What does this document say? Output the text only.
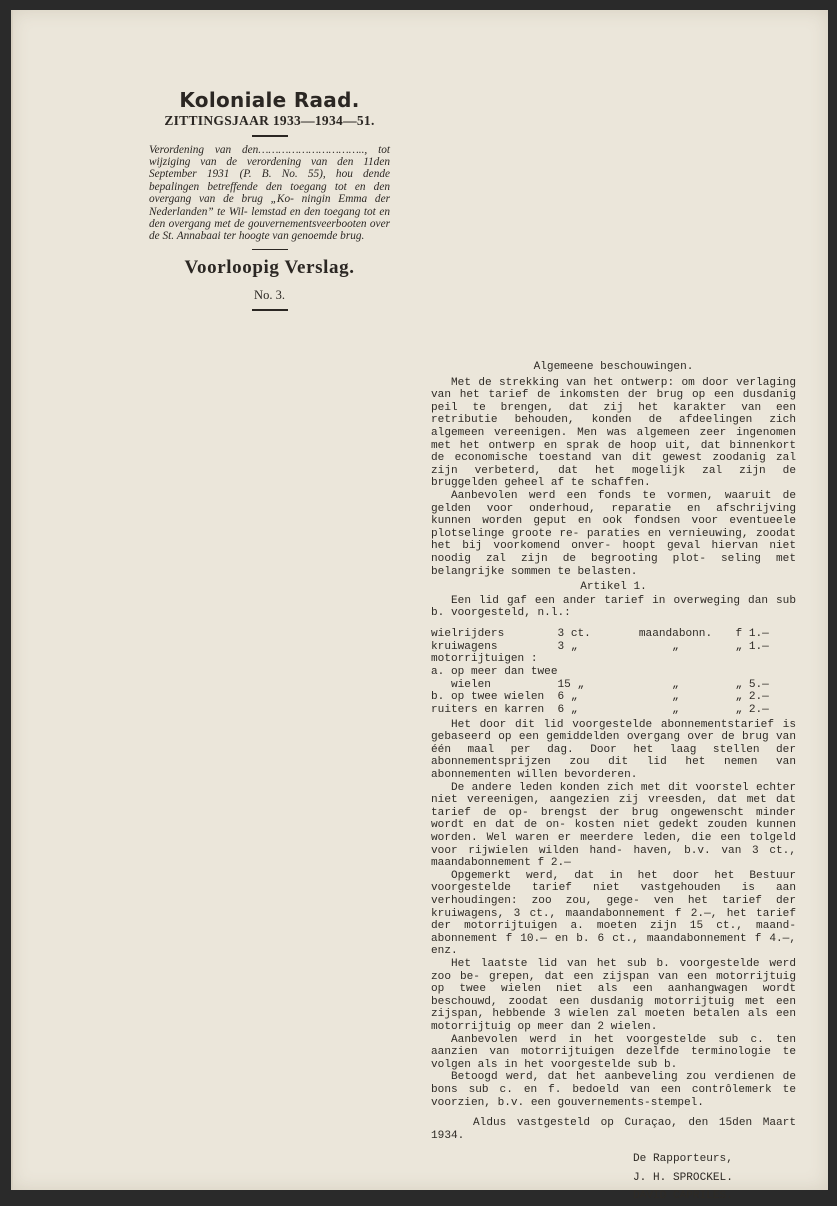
Koloniale Raad.
ZITTINGSJAAR 1933—1934—51.
Verordening van den………………………….., tot wijziging van de verordening van den 11den September 1931 (P. B. No. 55), hou dende bepalingen betreffende den toegang tot en den overgang van de brug „Ko- ningin Emma der Nederlanden” te Wil- lemstad en den toegang tot en den overgang met de gouvernementsveerbooten over de St. Annabaai ter hoogte van genoemde brug.
Voorloopig Verslag.
No. 3.
Algemeene beschouwingen.

Met de strekking van het ontwerp: om door verlaging van het tarief de inkomsten der brug op een dusdanig peil te brengen, dat zij het karakter van een retributie behouden, konden de afdeelingen zich algemeen vereenigen. Men was algemeen zeer ingenomen met het ontwerp en sprak de hoop uit, dat binnenkort de economische toestand van dit gewest zoodanig zal zijn verbeterd, dat het mogelijk zal zijn de bruggelden geheel af te schaffen.

Aanbevolen werd een fonds te vormen, waaruit de gelden voor onderhoud, reparatie en afschrijving kunnen worden geput en ook fondsen voor eventueele plotselinge groote re- paraties en vernieuwing, zoodat het bij voorkomend onver- hoopt geval hiervan niet noodig zal zijn de begrooting plot- seling met belangrijke sommen te belasten.

Artikel 1.

Een lid gaf een ander tarief in overweging dan sub b. voorgesteld, n.l.:

wielrijders	3 ct.	maandabonn.	f 1.—
kruiwagens	3 „	„	„ 1.—
motorrijtuigen :			
a. op meer dan twee			
wielen	15 „	„	„ 5.—
b. op twee wielen	6 „	„	„ 2.—
ruiters en karren	6 „	„	„ 2.—

Het door dit lid voorgestelde abonnementstarief is gebaseerd op een gemiddelden overgang over de brug van één maal per dag. Door het laag stellen der abonnementsprijzen zou dit lid het nemen van abonnementen willen bevorderen.

De andere leden konden zich met dit voorstel echter niet vereenigen, aangezien zij vreesden, dat met dat tarief de op- brengst der brug ongewenscht minder wordt en dat de on- kosten niet gedekt zouden kunnen worden. Wel waren er meerdere leden, die een tolgeld voor rijwielen wilden hand- haven, b.v. van 3 ct., maandabonnement f 2.—

Opgemerkt werd, dat in het door het Bestuur voorgestelde tarief niet vastgehouden is aan verhoudingen: zoo zou, gege- ven het tarief der kruiwagens, 3 ct., maandabonnement f 2.—, het tarief der motorrijtuigen a. moeten zijn 15 ct., maand- abonnement f 10.— en b. 6 ct., maandabonnement f 4.—, enz.

Het laatste lid van het sub b. voorgestelde werd zoo be- grepen, dat een zijspan van een motorrijtuig op twee wielen niet als een aanhangwagen wordt beschouwd, zoodat een dusdanig motorrijtuig met een zijspan, hebbende 3 wielen zal moeten betalen als een motorrijtuig op meer dan 2 wielen.

Aanbevolen werd in het voorgestelde sub c. ten aanzien van motorrijtuigen dezelfde terminologie te volgen als in het voorgestelde sub b.

Betoogd werd, dat het aanbeveling zou verdienen de bons sub c. en f. bedoeld van een contrôlemerk te voorzien, b.v. een gouvernements-stempel.

Aldus vastgesteld op Curaçao, den 15den Maart 1934.

De Rapporteurs,
J. H. SPROCKEL.
DAVID CAPRILES.
